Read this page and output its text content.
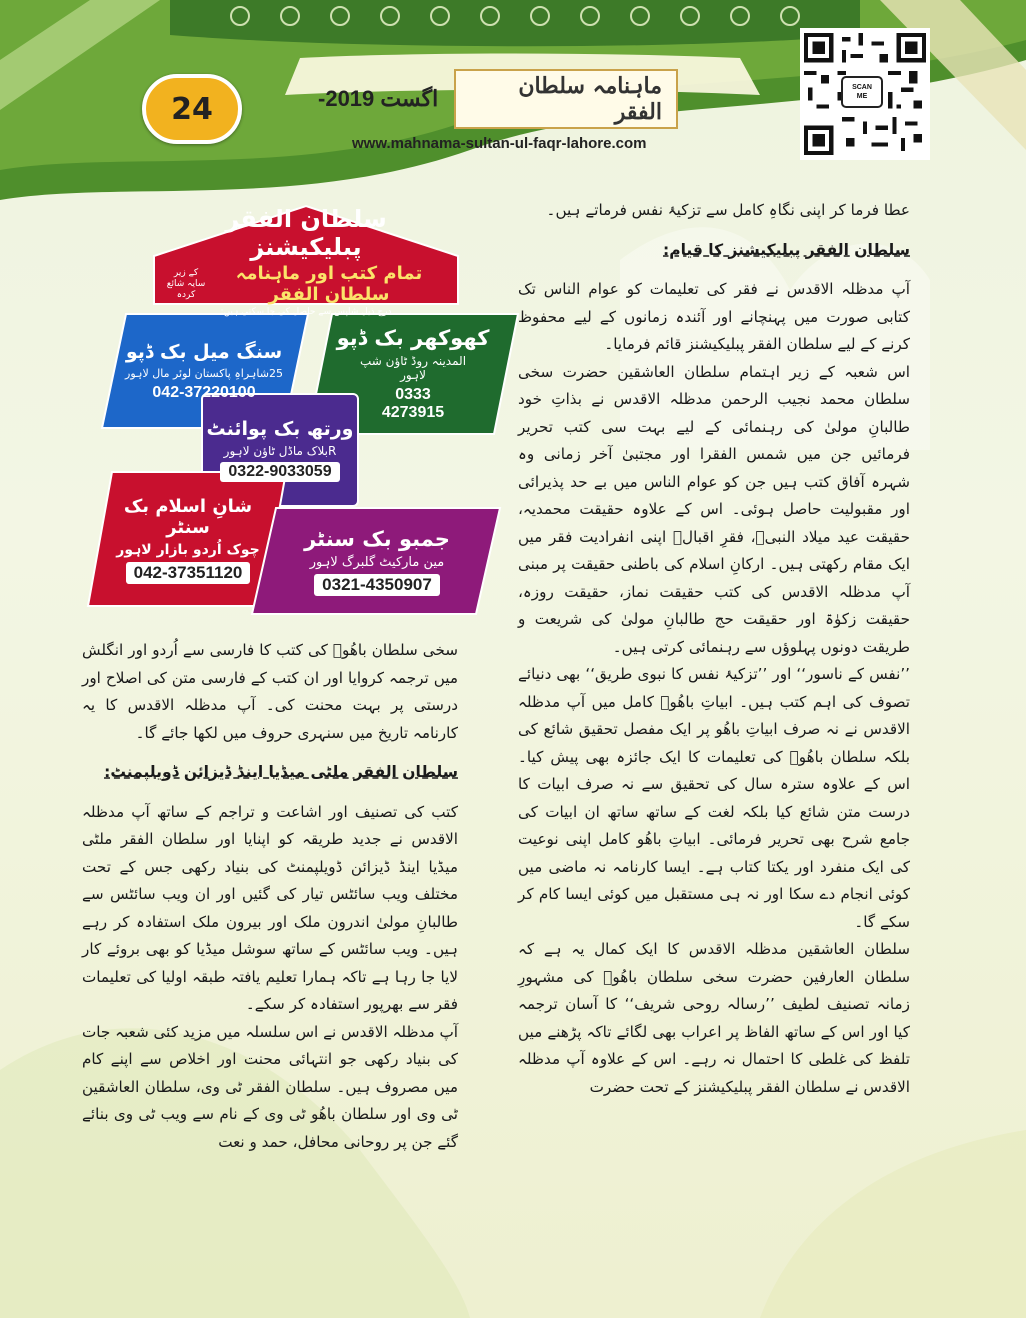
24	اگست 2019-	ماہنامہ سلطان الفقر
www.mahnama-sultan-ul-faqr-lahore.com
SCAN
ME
سلطان الفقر پبلیکیشنز
تمام کتب اور ماہنامہ سلطان الفقر
کے زیر سایہ شائع کردہ
درج ذیل شاپس سے حاصل کی جا سکتی ہیں:
سنگ میل بک ڈپو
25شاہراہِ پاکستان لوئر مال لاہور
042-37220100
کھوکھر بک ڈپو
المدینہ روڈ ٹاؤن شپ
لاہور
0333
4273915
ورتھ بک پوائنٹ
Rبلاک ماڈل ٹاؤن لاہور
0322-9033059
شانِ اسلام بک سنٹر
چوک اُردو بازار لاہور
042-37351120
جمبو بک سنٹر
مین مارکیٹ گلبرگ لاہور
0321-4350907

عطا فرما کر اپنی نگاہِ کامل سے تزکیۂ نفس فرماتے ہیں۔

سلطان الفقر پبلیکیشنز کا قیام:

آپ مدظلہ الاقدس نے فقر کی تعلیمات کو عوام الناس تک کتابی صورت میں پہنچانے اور آئندہ زمانوں کے لیے محفوظ کرنے کے لیے سلطان الفقر پبلیکیشنز قائم فرمایا۔

اس شعبہ کے زیر اہتمام سلطان العاشقین حضرت سخی سلطان محمد نجیب الرحمن مدظلہ الاقدس نے بذاتِ خود طالبانِ مولیٰ کی رہنمائی کے لیے بہت سی کتب تحریر فرمائیں جن میں شمس الفقرا اور مجتبیٰ آخر زمانی وہ شہرہ آفاق کتب ہیں جن کو عوام الناس میں بے حد پذیرائی اور مقبولیت حاصل ہوئی۔ اس کے علاوہ حقیقت محمدیہ، حقیقت عید میلاد النبیؐ، فقرِ اقبالؒ اپنی انفرادیت فقر میں ایک مقام رکھتی ہیں۔ ارکانِ اسلام کی باطنی حقیقت پر مبنی آپ مدظلہ الاقدس کی کتب حقیقت نماز، حقیقت روزہ، حقیقت زکوٰۃ اور حقیقت حج طالبانِ مولیٰ کی شریعت و طریقت دونوں پہلوؤں سے رہنمائی کرتی ہیں۔

’’نفس کے ناسور‘‘ اور ’’تزکیۂ نفس کا نبوی طریق‘‘ بھی دنیائے تصوف کی اہم کتب ہیں۔ ابیاتِ باھُوؒ کامل میں آپ مدظلہ الاقدس نے نہ صرف ابیاتِ باھُو پر ایک مفصل تحقیق شائع کی بلکہ سلطان باھُوؒ کی تعلیمات کا ایک جائزہ بھی پیش کیا۔ اس کے علاوہ سترہ سال کی تحقیق سے نہ صرف ابیات کا درست متن شائع کیا بلکہ لغت کے ساتھ ساتھ ان ابیات کی جامع شرح بھی تحریر فرمائی۔ ابیاتِ باھُو کامل اپنی نوعیت کی ایک منفرد اور یکتا کتاب ہے۔ ایسا کارنامہ نہ ماضی میں کوئی انجام دے سکا اور نہ ہی مستقبل میں کوئی ایسا کام کر سکے گا۔

سلطان العاشقین مدظلہ الاقدس کا ایک کمال یہ ہے کہ سلطان العارفین حضرت سخی سلطان باھُوؒ کی مشہورِ زمانہ تصنیف لطیف ’’رسالہ روحی شریف‘‘ کا آسان ترجمہ کیا اور اس کے ساتھ الفاظ پر اعراب بھی لگائے تاکہ پڑھنے میں تلفظ کی غلطی کا احتمال نہ رہے۔ اس کے علاوہ آپ مدظلہ الاقدس نے سلطان الفقر پبلیکیشنز کے تحت حضرت

سخی سلطان باھُوؒ کی کتب کا فارسی سے اُردو اور انگلش میں ترجمہ کروایا اور ان کتب کے فارسی متن کی اصلاح اور درستی پر بہت محنت کی۔ آپ مدظلہ الاقدس کا یہ کارنامہ تاریخ میں سنہری حروف میں لکھا جائے گا۔

سلطان الفقر ملٹی میڈیا اینڈ ڈیزائن ڈویلپمنٹ:

کتب کی تصنیف اور اشاعت و تراجم کے ساتھ آپ مدظلہ الاقدس نے جدید طریقہ کو اپنایا اور سلطان الفقر ملٹی میڈیا اینڈ ڈیزائن ڈویلپمنٹ کی بنیاد رکھی جس کے تحت مختلف ویب سائٹس تیار کی گئیں اور ان ویب سائٹس سے طالبانِ مولیٰ اندرون ملک اور بیرون ملک استفادہ کر رہے ہیں۔ ویب سائٹس کے ساتھ سوشل میڈیا کو بھی بروئے کار لایا جا رہا ہے تاکہ ہمارا تعلیم یافتہ طبقہ اولیا کی تعلیمات فقر سے بھرپور استفادہ کر سکے۔

آپ مدظلہ الاقدس نے اس سلسلہ میں مزید کئی شعبہ جات کی بنیاد رکھی جو انتہائی محنت اور اخلاص سے اپنے کام میں مصروف ہیں۔ سلطان الفقر ٹی وی، سلطان العاشقین ٹی وی اور سلطان باھُو ٹی وی کے نام سے ویب ٹی وی بنائے گئے جن پر روحانی محافل، حمد و نعت
